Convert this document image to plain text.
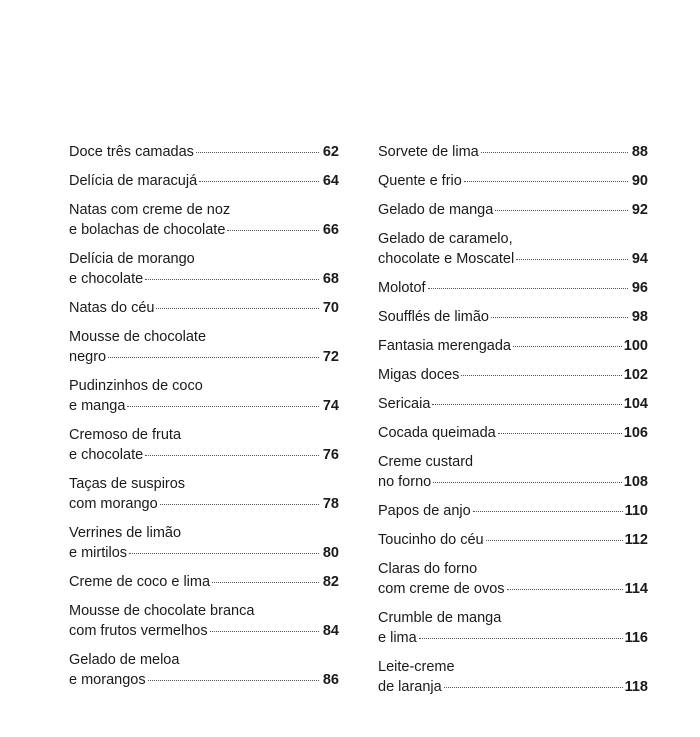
Doce três camadas	62
Delícia de maracujá	64
Natas com creme de noz
e bolachas de chocolate	66
Delícia de morango
e chocolate	68
Natas do céu	70
Mousse de chocolate
negro	72
Pudinzinhos de coco
e manga	74
Cremoso de fruta
e chocolate	76
Taças de suspiros
com morango	78
Verrines de limão
e mirtilos	80
Creme de coco e lima	82
Mousse de chocolate branca
com frutos vermelhos	84
Gelado de meloa
e morangos	86
Sorvete de lima	88
Quente e frio	90
Gelado de manga	92
Gelado de caramelo,
chocolate e Moscatel	94
Molotof	96
Soufflés de limão	98
Fantasia merengada	100
Migas doces	102
Sericaia	104
Cocada queimada	106
Creme custard
no forno	108
Papos de anjo	110
Toucinho do céu	112
Claras do forno
com creme de ovos	114
Crumble de manga
e lima	116
Leite-creme
de laranja	118
